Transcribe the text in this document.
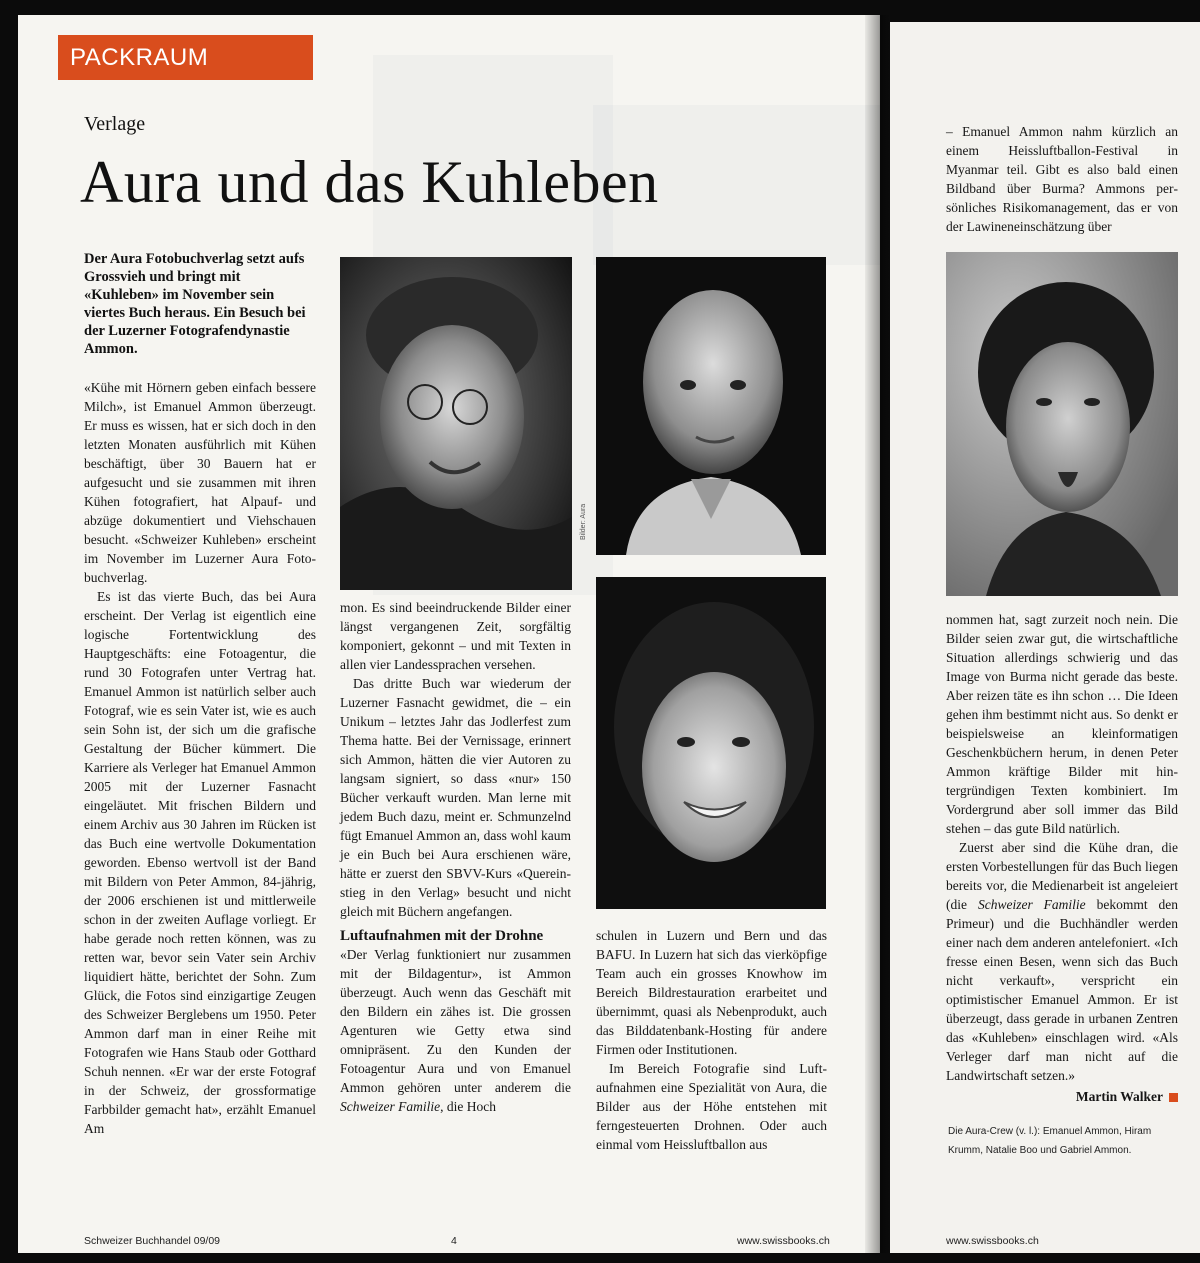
PACKRAUM
Verlage
Aura und das Kuhleben

Der Aura Fotobuchverlag setzt aufs Grossvieh und bringt mit «Kuhleben» im November sein viertes Buch heraus. Ein Besuch bei der Luzerner Fotografendynastie Ammon.

«Kühe mit Hörnern geben einfach bessere Milch», ist Emanuel Ammon überzeugt. Er muss es wissen, hat er sich doch in den letzten Monaten ausführlich mit Kühen beschäftigt, über 30 Bauern hat er aufgesucht und sie zusammen mit ihren Kühen fotografiert, hat Alpauf- und abzüge dokumentiert und Viehschauen besucht. «Schweizer Kuhleben» erscheint im November im Luzerner Aura Fotobuchverlag.

Es ist das vierte Buch, das bei Aura erscheint. Der Verlag ist eigentlich eine logische Fortentwicklung des Hauptgeschäfts: eine Fotoagentur, die rund 30 Fotografen unter Vertrag hat. Emanuel Ammon ist natürlich selber auch Fotograf, wie es sein Vater ist, wie es auch sein Sohn ist, der sich um die grafische Gestaltung der Bücher kümmert. Die Karriere als Verleger hat Emanuel Ammon 2005 mit der Luzerner Fasnacht eingeläutet. Mit frischen Bildern und einem Archiv aus 30 Jahren im Rücken ist das Buch eine wertvolle Dokumentation geworden. Ebenso wertvoll ist der Band mit Bildern von Peter Ammon, 84-jährig, der 2006 erschienen ist und mittlerweile schon in der zweiten Auflage vorliegt. Er habe gerade noch retten können, was zu retten war, bevor sein Vater sein Archiv liquidiert hätte, berichtet der Sohn. Zum Glück, die Fotos sind einzigartige Zeugen des Schweizer Berglebens um 1950. Peter Ammon darf man in einer Reihe mit Fotografen wie Hans Staub oder Gotthard Schuh nennen. «Er war der erste Fotograf in der Schweiz, der grossformatige Farbbilder gemacht hat», erzählt Emanuel Am

Bilder: Aura

mon. Es sind beeindruckende Bilder einer längst vergangenen Zeit, sorgfältig komponiert, gekonnt – und mit Texten in allen vier Landessprachen versehen.

Das dritte Buch war wiederum der Luzerner Fasnacht gewidmet, die – ein Unikum – letztes Jahr das Jodlerfest zum Thema hatte. Bei der Vernissage, erinnert sich Ammon, hätten die vier Autoren zu langsam signiert, so dass «nur» 150 Bücher verkauft wurden. Man lerne mit jedem Buch dazu, meint er. Schmunzelnd fügt Emanuel Ammon an, dass wohl kaum je ein Buch bei Aura erschienen wäre, hätte er zuerst den SBVV-Kurs «Quereinstieg in den Verlag» besucht und nicht gleich mit Büchern angefangen.

Luftaufnahmen mit der Drohne

«Der Verlag funktioniert nur zusammen mit der Bildagentur», ist Ammon überzeugt. Auch wenn das Geschäft mit den Bildern ein zähes ist. Die grossen Agenturen wie Getty etwa sind omnipräsent. Zu den Kunden der Fotoagentur Aura und von Emanuel Ammon gehören unter anderem die Schweizer Familie, die Hoch

schulen in Luzern und Bern und das BAFU. In Luzern hat sich das vierköpfige Team auch ein grosses Knowhow im Bereich Bildrestauration erarbeitet und übernimmt, quasi als Nebenprodukt, auch das Bilddatenbank-Hosting für andere Firmen oder Institutionen.

Im Bereich Fotografie sind Luftaufnahmen eine Spezialität von Aura, die Bilder aus der Höhe entstehen mit ferngesteuerten Drohnen. Oder auch einmal vom Heissluftballon aus

– Emanuel Ammon nahm kürzlich an einem Heissluftballon-Festival in Myanmar teil. Gibt es also bald einen Bildband über Burma? Ammons persönliches Risikomanagement, das er von der Lawineneinschätzung über

nommen hat, sagt zurzeit noch nein. Die Bilder seien zwar gut, die wirtschaftliche Situation allerdings schwierig und das Image von Burma nicht gerade das beste. Aber reizen täte es ihn schon … Die Ideen gehen ihm bestimmt nicht aus. So denkt er beispielsweise an kleinformatigen Geschenkbüchern herum, in denen Peter Ammon kräftige Bilder mit hintergründigen Texten kombiniert. Im Vordergrund aber soll immer das Bild stehen – das gute Bild natürlich.

Zuerst aber sind die Kühe dran, die ersten Vorbestellungen für das Buch liegen bereits vor, die Medienarbeit ist angeleiert (die Schweizer Familie bekommt den Primeur) und die Buchhändler werden einer nach dem anderen antelefoniert. «Ich fresse einen Besen, wenn sich das Buch nicht verkauft», verspricht ein optimistischer Emanuel Ammon. Er ist überzeugt, dass gerade in urbanen Zentren das «Kuhleben» einschlagen wird. «Als Verleger darf man nicht auf die Landwirtschaft setzen.»

Martin Walker

Die Aura-Crew (v. l.): Emanuel Ammon, Hiram Krumm, Natalie Boo und Gabriel Ammon.

Schweizer Buchhandel 09/09	4	www.swissbooks.ch	www.swissbooks.ch
